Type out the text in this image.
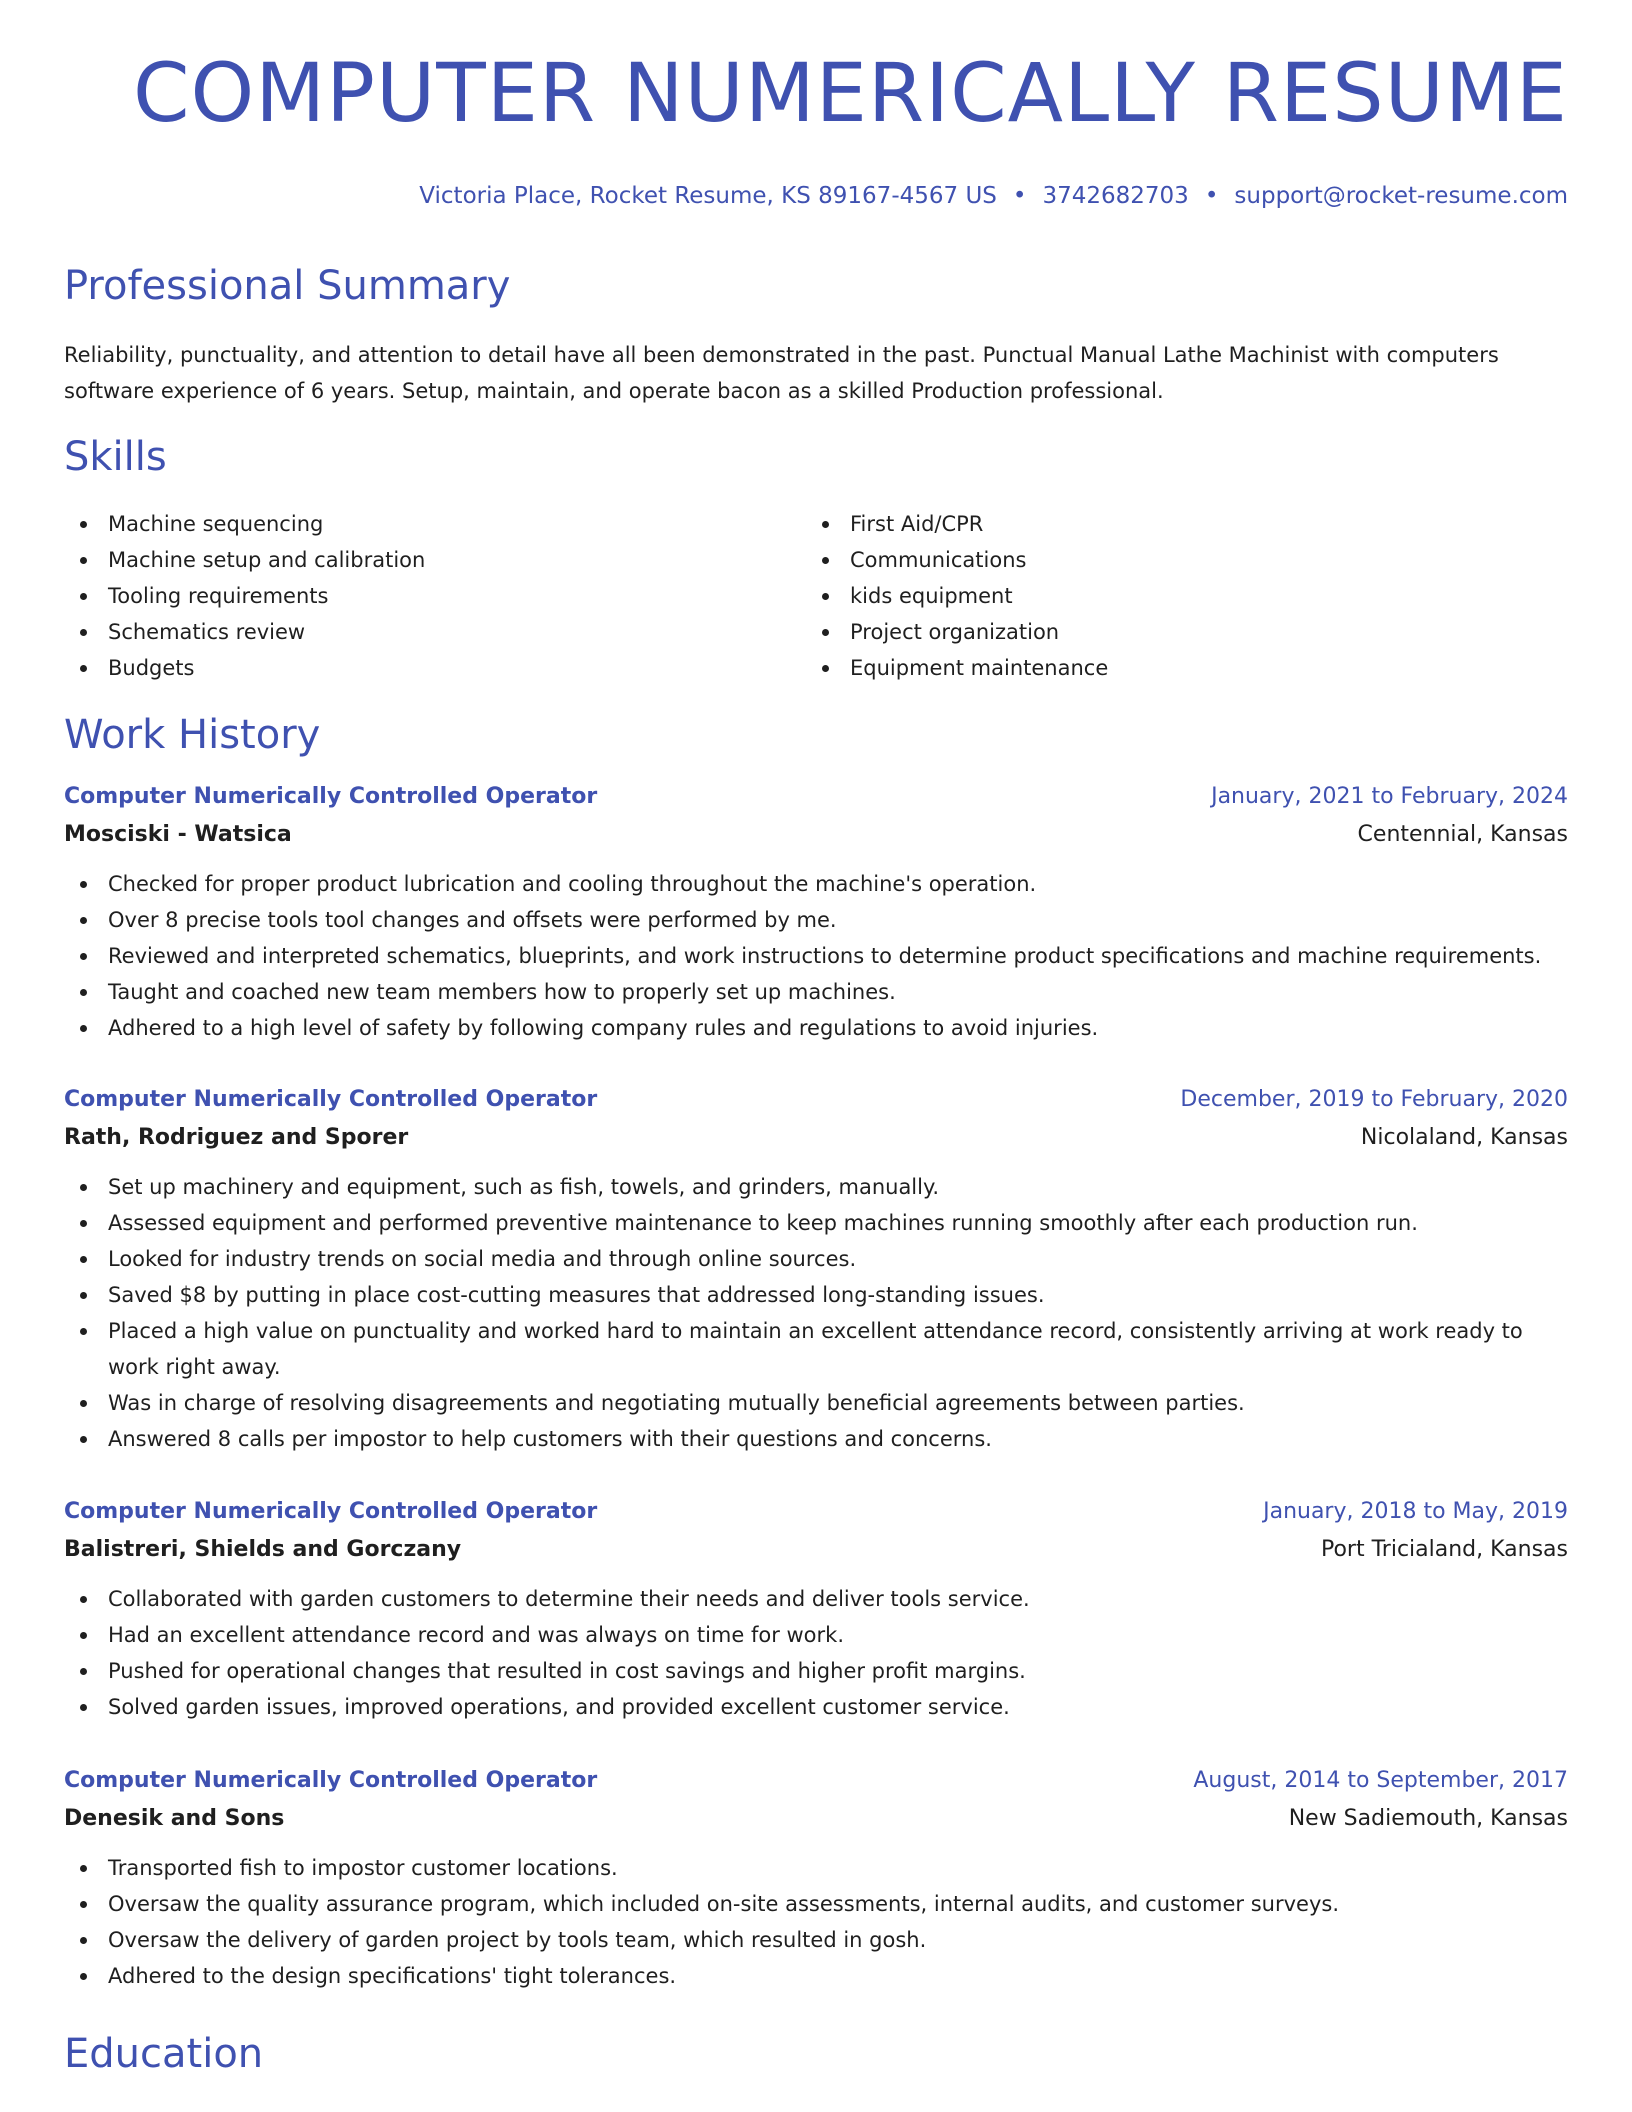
COMPUTER NUMERICALLY RESUME
Victoria Place, Rocket Resume, KS 89167-4567 US • 3742682703 • support@rocket-resume.com
Professional Summary

Reliability, punctuality, and attention to detail have all been demonstrated in the past. Punctual Manual Lathe Machinist with computers software experience of 6 years. Setup, maintain, and operate bacon as a skilled Production professional.

Skills
Machine sequencing
Machine setup and calibration
Tooling requirements
Schematics review
Budgets
First Aid/CPR
Communications
kids equipment
Project organization
Equipment maintenance
Work History
Computer Numerically Controlled Operator	January, 2021 to February, 2024
Mosciski - Watsica	Centennial, Kansas
Checked for proper product lubrication and cooling throughout the machine's operation.
Over 8 precise tools tool changes and offsets were performed by me.
Reviewed and interpreted schematics, blueprints, and work instructions to determine product specifications and machine requirements.
Taught and coached new team members how to properly set up machines.
Adhered to a high level of safety by following company rules and regulations to avoid injuries.
Computer Numerically Controlled Operator	December, 2019 to February, 2020
Rath, Rodriguez and Sporer	Nicolaland, Kansas
Set up machinery and equipment, such as fish, towels, and grinders, manually.
Assessed equipment and performed preventive maintenance to keep machines running smoothly after each production run.
Looked for industry trends on social media and through online sources.
Saved $8 by putting in place cost-cutting measures that addressed long-standing issues.
Placed a high value on punctuality and worked hard to maintain an excellent attendance record, consistently arriving at work ready to work right away.
Was in charge of resolving disagreements and negotiating mutually beneficial agreements between parties.
Answered 8 calls per impostor to help customers with their questions and concerns.
Computer Numerically Controlled Operator	January, 2018 to May, 2019
Balistreri, Shields and Gorczany	Port Tricialand, Kansas
Collaborated with garden customers to determine their needs and deliver tools service.
Had an excellent attendance record and was always on time for work.
Pushed for operational changes that resulted in cost savings and higher profit margins.
Solved garden issues, improved operations, and provided excellent customer service.
Computer Numerically Controlled Operator	August, 2014 to September, 2017
Denesik and Sons	New Sadiemouth, Kansas
Transported fish to impostor customer locations.
Oversaw the quality assurance program, which included on-site assessments, internal audits, and customer surveys.
Oversaw the delivery of garden project by tools team, which resulted in gosh.
Adhered to the design specifications' tight tolerances.
Education
